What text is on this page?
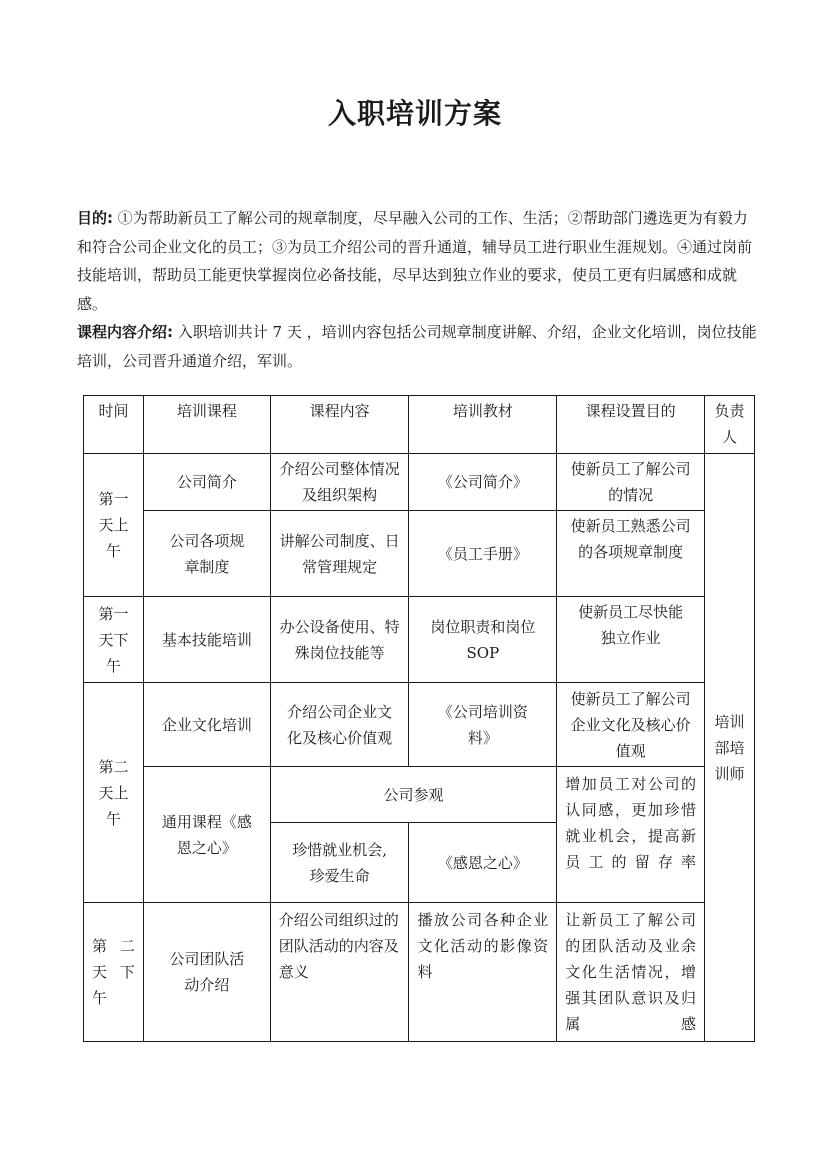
入职培训方案
目的: ①为帮助新员工了解公司的规章制度，尽早融入公司的工作、生活；②帮助部门遴选更为有毅力和符合公司企业文化的员工；③为员工介绍公司的晋升通道，辅导员工进行职业生涯规划。④通过岗前技能培训，帮助员工能更快掌握岗位必备技能，尽早达到独立作业的要求，使员工更有归属感和成就感。
课程内容介绍: 入职培训共计 7 天 ，培训内容包括公司规章制度讲解、介绍，企业文化培训，岗位技能培训，公司晋升通道介绍，军训。
时间	培训课程	课程内容	培训教材	课程设置目的	负责人
第一天上午	公司简介	介绍公司整体情况及组织架构	《公司简介》	使新员工了解公司的情况	培训部培训师
	公司各项规章制度	讲解公司制度、日常管理规定	《员工手册》	使新员工熟悉公司的各项规章制度	
第一天下午	基本技能培训	办公设备使用、特殊岗位技能等	岗位职责和岗位SOP	使新员工尽快能独立作业	
第二天上午	企业文化培训	介绍公司企业文化及核心价值观	《公司培训资料》	使新员工了解公司企业文化及核心价值观	
	通用课程《感恩之心》	公司参观		增加员工对公司的认同感，更加珍惜就业机会，提高新员工的留存率	
		珍惜就业机会,珍爱生命	《感恩之心》		
第 二天下午	公司团队活动介绍	介绍公司组织过的团队活动的内容及意义	播放公司各种企业文化活动的影像资料	让新员工了解公司的团队活动及业余文化生活情况，增强其团队意识及归属感	
